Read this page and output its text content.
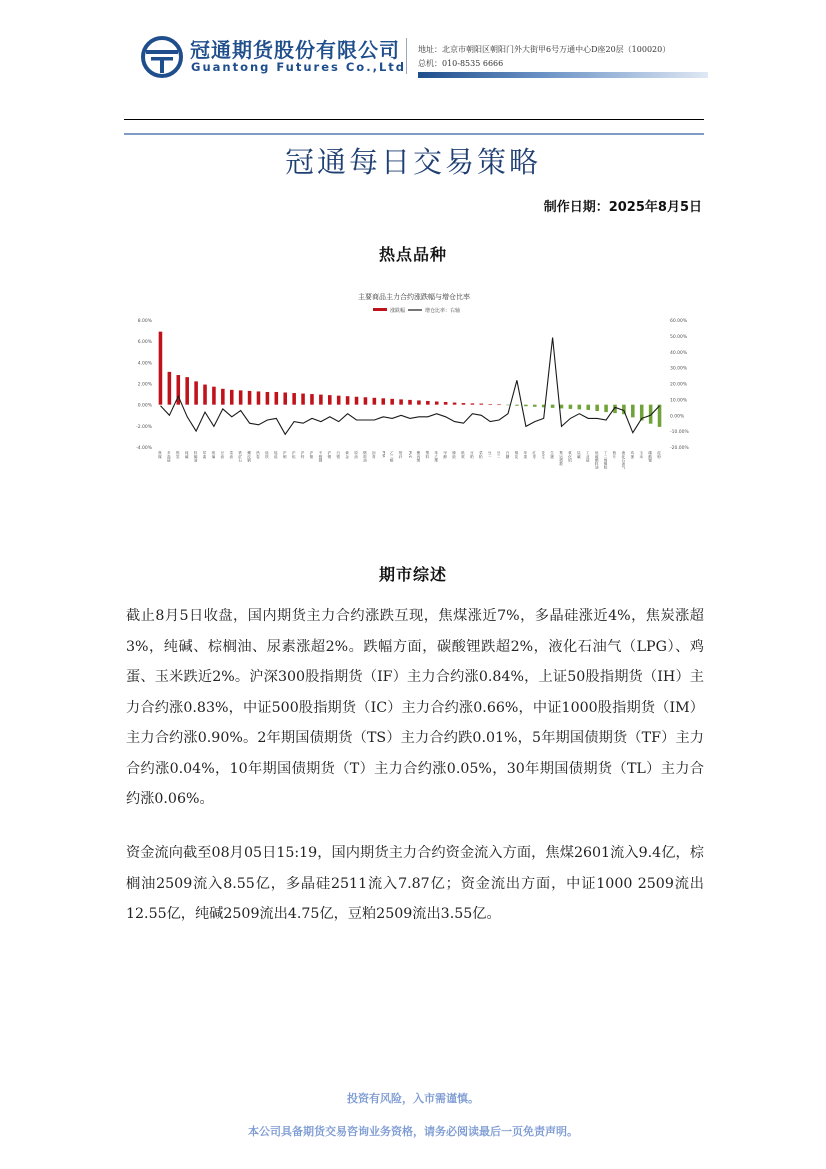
冠通期货股份有限公司
Guantong Futures Co.,Ltd
地址：北京市朝阳区朝阳门外大街甲6号万通中心D座20层（100020）
总机：010-8535 6666
冠通每日交易策略
制作日期：2025年8月5日
热点品种
主要商品主力合约涨跌幅与增仓比率
涨跌幅	增仓比率：右轴
8.00%
6.00%
4.00%
2.00%
0.00%
-2.00%
-4.00%
60.00%
50.00%
40.00%
30.00%
20.00%
10.00%
0.00%
-10.00%
-20.00%
焦煤	多晶硅	焦炭	纯碱	棕榈油	尿素	玻璃	豆油	菜油	铁矿石	螺纹钢	热卷	硅铁	锰硅	沪铜	沪铝	沪锌	沪镍	不锈钢	沪锡	白银	黄金	原油	燃料油	沥青 PTA	乙二醇	短纤 PVC	聚丙烯	塑料	苯乙烯	甲醇	橡胶	纸浆	豆粕	菜粕	豆一	豆二	白糖	棉花	苹果	红枣	花生	生猪	集运指数	氧化铝	烧碱	工业硅	低硫燃料油	丁二烯橡胶	瓶片	液化石油气	鸡蛋	玉米	碳酸锂	淀粉
期市综述
截止8月5日收盘，国内期货主力合约涨跌互现，焦煤涨近7%，多晶硅涨近4%，焦炭涨超3%，纯碱、棕榈油、尿素涨超2%。跌幅方面，碳酸锂跌超2%，液化石油气（LPG）、鸡蛋、玉米跌近2%。沪深300股指期货（IF）主力合约涨0.84%，上证50股指期货（IH）主力合约涨0.83%，中证500股指期货（IC）主力合约涨0.66%，中证1000股指期货（IM）主力合约涨0.90%。2年期国债期货（TS）主力合约跌0.01%，5年期国债期货（TF）主力合约涨0.04%，10年期国债期货（T）主力合约涨0.05%，30年期国债期货（TL）主力合约涨0.06%。
资金流向截至08月05日15:19，国内期货主力合约资金流入方面，焦煤2601流入9.4亿，棕榈油2509流入8.55亿，多晶硅2511流入7.87亿；资金流出方面，中证1000 2509流出12.55亿，纯碱2509流出4.75亿，豆粕2509流出3.55亿。
投资有风险，入市需谨慎。
本公司具备期货交易咨询业务资格，请务必阅读最后一页免责声明。
